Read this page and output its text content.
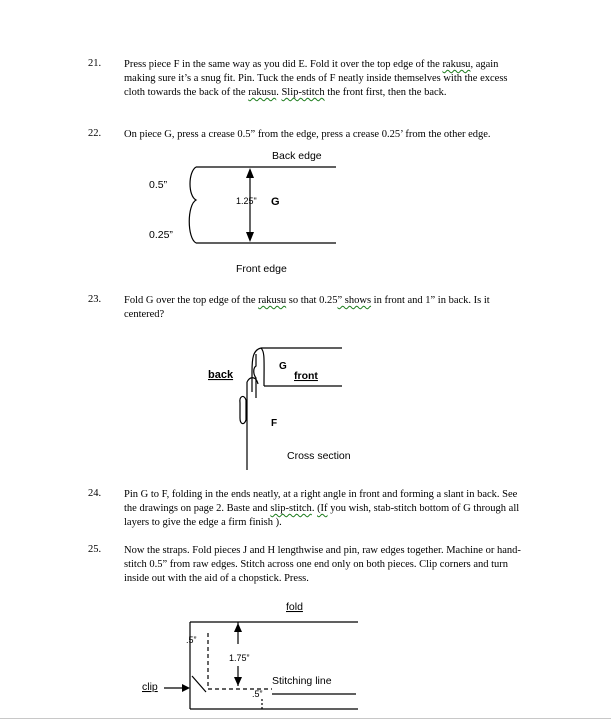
21. Press piece F in the same way as you did E. Fold it over the top edge of the rakusu, again making sure it’s a snug fit. Pin. Tuck the ends of F neatly inside themselves with the excess cloth towards the back of the rakusu. Slip-stitch the front first, then the back.
22. On piece G, press a crease 0.5” from the edge, press a crease 0.25’ from the other edge.
23. Fold G over the top edge of the rakusu so that 0.25” shows in front and 1” in back. Is it centered?
24. Pin G to F, folding in the ends neatly, at a right angle in front and forming a slant in back. See the drawings on page 2. Baste and slip-stitch. (If you wish, stab-stitch bottom of G through all layers to give the edge a firm finish ).
25. Now the straps. Fold pieces J and H lengthwise and pin, raw edges together. Machine or hand-stitch 0.5” from raw edges. Stitch across one end only on both pieces. Clip corners and turn inside out with the aid of a chopstick. Press.
Back edge
0.5”
1.25" G
0.25”
Front edge
back
G
front
F
Cross section
fold
.5”
1.75”
Stitching line
clip
.5”
